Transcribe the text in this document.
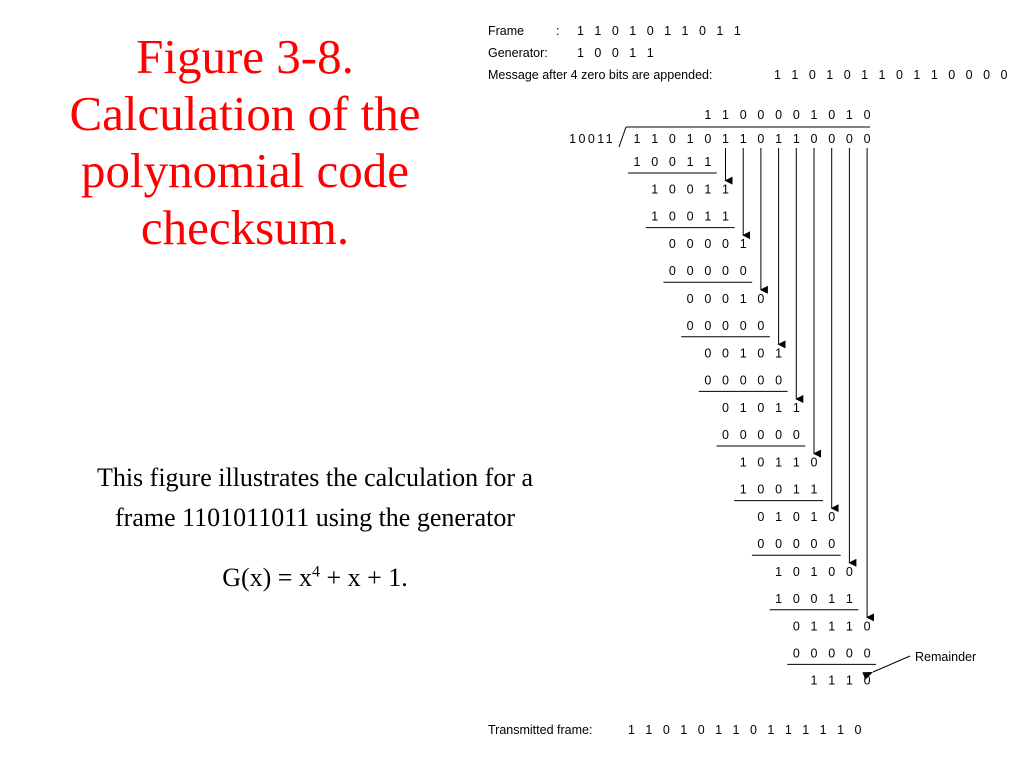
Figure 3-8.
Calculation of the
polynomial code
checksum.
This figure illustrates the calculation for a
frame 1101011011 using the generator
$G(x) = x^4 + x + 1$.
Frame	: 1 1 0 1 0 1 1 0 1 1
Generator: 1 0 0 1 1
Message after 4 zero bits are appended:	1 1 0 1 0 1 1 0 1 1 0 0 0 0
Transmitted frame:	1 1 0 1 0 1 1 0 1 1 1 1 1 0
1 1 0 0 0 0 1 0 1 0
10011 1 1 0 1 0 1 1 0 1 1 0 0 0 0
1 0 0 1 1
1 0 0 1 1
1 0 0 1 1
0 0 0 0 1
0 0 0 0 0
0 0 0 1 0
0 0 0 0 0
0 0 1 0 1
0 0 0 0 0
0 1 0 1 1
0 0 0 0 0
1 0 1 1 0
1 0 0 1 1
0 1 0 1 0
0 0 0 0 0
1 0 1 0 0
1 0 0 1 1
0 1 1 1 0
0 0 0 0 0
1 1 1 0
Remainder
